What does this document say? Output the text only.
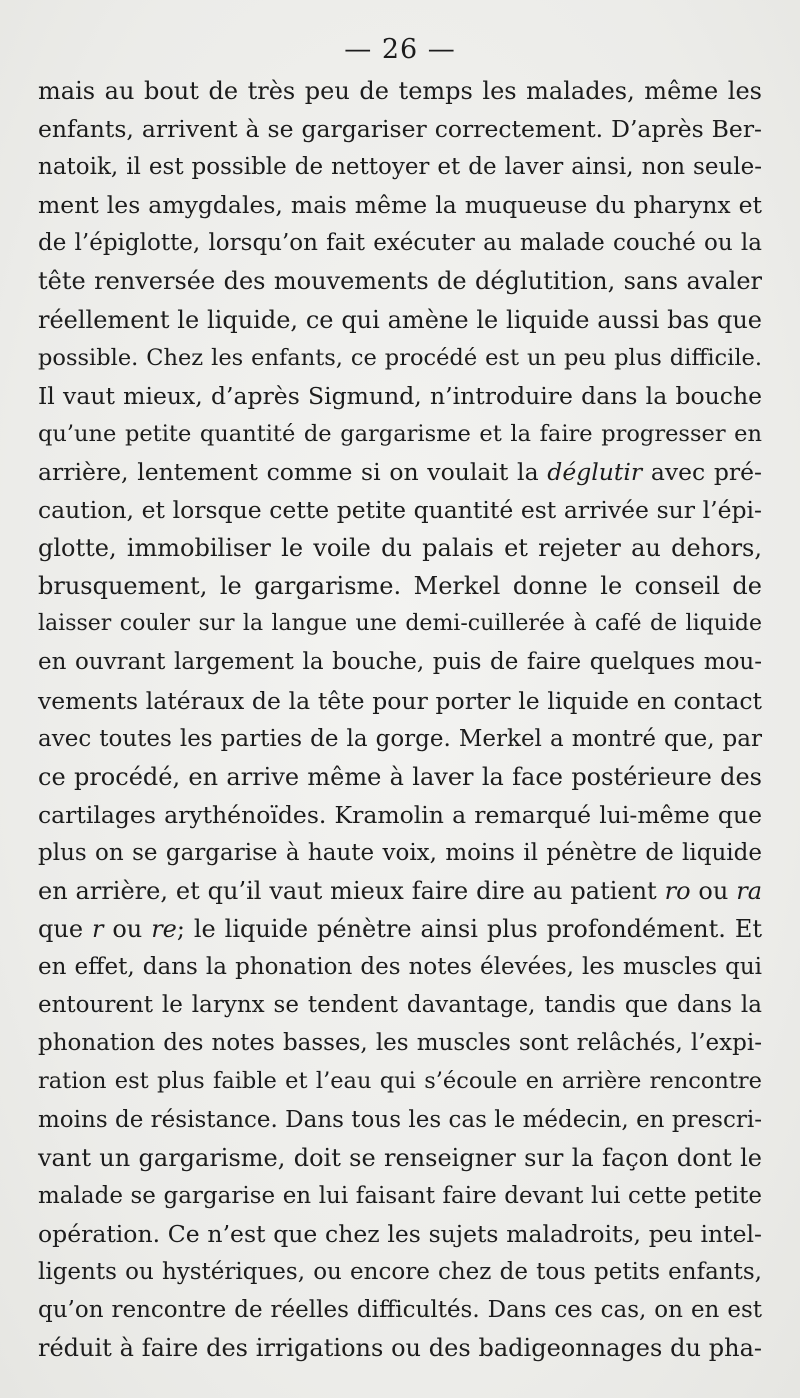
— 26 —
mais au bout de très peu de temps les malades, même les
enfants, arrivent à se gargariser correctement. D’après Ber-
natoik, il est possible de nettoyer et de laver ainsi, non seule-
ment les amygdales, mais même la muqueuse du pharynx et
de l’épiglotte, lorsqu’on fait exécuter au malade couché ou la
tête renversée des mouvements de déglutition, sans avaler
réellement le liquide, ce qui amène le liquide aussi bas que
possible. Chez les enfants, ce procédé est un peu plus difficile.
Il vaut mieux, d’après Sigmund, n’introduire dans la bouche
qu’une petite quantité de gargarisme et la faire progresser en
arrière, lentement comme si on voulait la déglutir avec pré-
caution, et lorsque cette petite quantité est arrivée sur l’épi-
glotte, immobiliser le voile du palais et rejeter au dehors,
brusquement, le gargarisme. Merkel donne le conseil de
laisser couler sur la langue une demi-cuillerée à café de liquide
en ouvrant largement la bouche, puis de faire quelques mou-
vements latéraux de la tête pour porter le liquide en contact
avec toutes les parties de la gorge. Merkel a montré que, par
ce procédé, en arrive même à laver la face postérieure des
cartilages arythénoïdes. Kramolin a remarqué lui-même que
plus on se gargarise à haute voix, moins il pénètre de liquide
en arrière, et qu’il vaut mieux faire dire au patient ro ou ra
que r ou re; le liquide pénètre ainsi plus profondément. Et
en effet, dans la phonation des notes élevées, les muscles qui
entourent le larynx se tendent davantage, tandis que dans la
phonation des notes basses, les muscles sont relâchés, l’expi-
ration est plus faible et l’eau qui s’écoule en arrière rencontre
moins de résistance. Dans tous les cas le médecin, en prescri-
vant un gargarisme, doit se renseigner sur la façon dont le
malade se gargarise en lui faisant faire devant lui cette petite
opération. Ce n’est que chez les sujets maladroits, peu intel-
ligents ou hystériques, ou encore chez de tous petits enfants,
qu’on rencontre de réelles difficultés. Dans ces cas, on en est
réduit à faire des irrigations ou des badigeonnages du pha-
